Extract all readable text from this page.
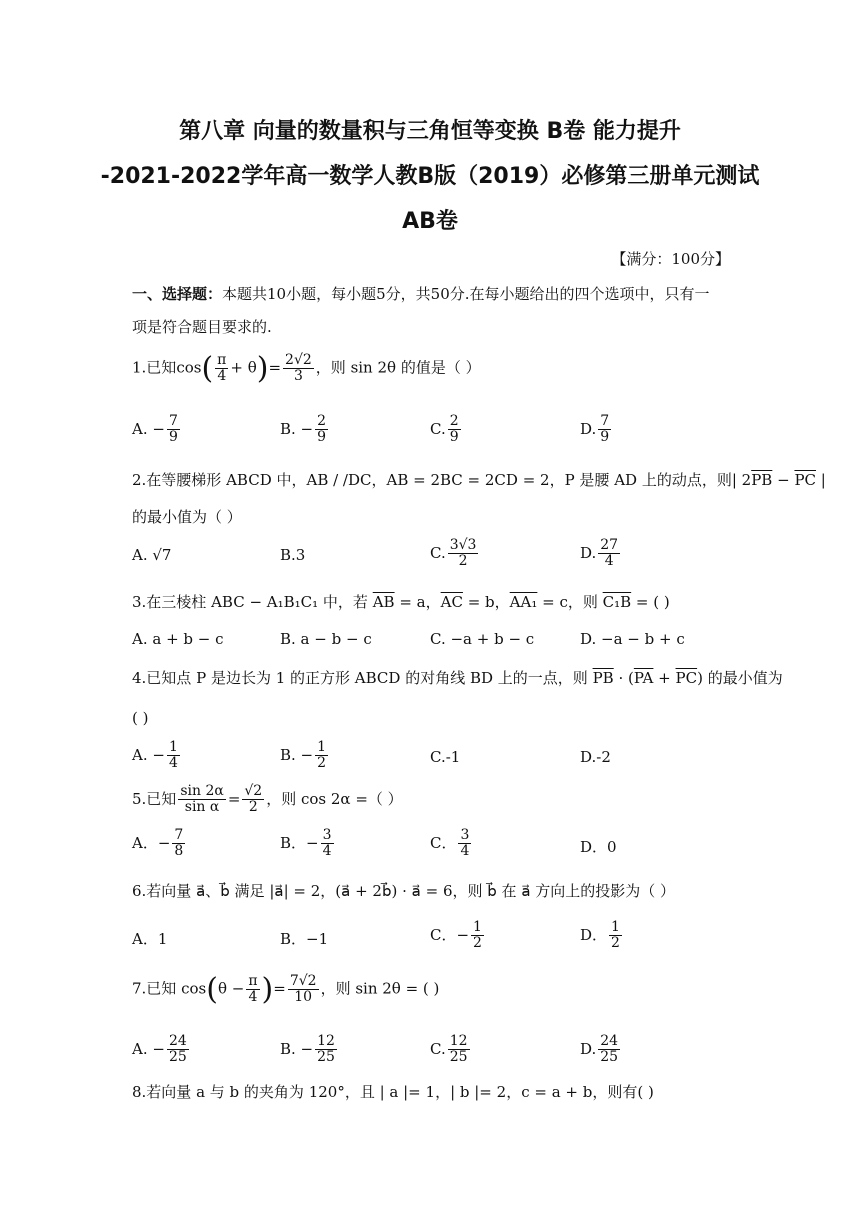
第八章 向量的数量积与三角恒等变换 B卷 能力提升
-2021-2022学年高一数学人教B版（2019）必修第三册单元测试
AB卷
【满分：100分】
一、选择题：本题共10小题，每小题5分，共50分.在每小题给出的四个选项中，只有一
项是符合题目要求的.
1.已知$\cos( \frac{\pi}{4} + \theta)= \frac{2√2}{3}$ ，则 sin 2θ 的值是（ ）
A. − $\frac{7}{9}$	B. − $\frac{2}{9}$	C. $\frac{2}{9}$	D. $\frac{7}{9}$
2.在等腰梯形 ABCD 中，AB / /DC，AB = 2BC = 2CD = 2，P 是腰 AD 上的动点，则| $2\overline{PB} - \overline{PC}$ |
的最小值为（ ）
A. √7	B.3	C. $\frac{3√3}{2}$	D. $\frac{27}{4}$
3.在三棱柱 ABC − A₁B₁C₁ 中，若 $\overline{AB} = a$，$\overline{AC} = b$，AA₁ = c，则 C₁B = ( )
A. a + b − c	B. a − b − c	C. −a + b − c	D. −a − b + c
4.已知点 P 是边长为 1 的正方形 ABCD 的对角线 BD 上的一点，则 $\overline{PB} \cdot (\overline{PA} + \overline{PC})$ 的最小值为
( )
A. − $\frac{1}{4}$	B. − $\frac{1}{2}$	C.-1	D.-2
5.已知 $\frac{\sin 2\alpha}{\text{sin α}} = \frac{√2}{2}$ ，则 cos 2α =（ ）
A．− $\frac{7}{8}$	B．− $\frac{3}{4}$	C． $\frac{3}{4}$	D．0
6.若向量 a⃗、b⃗ 满足 |a⃗| = 2，(a⃗ + 2b⃗) · a⃗ = 6，则 b⃗ 在 a⃗ 方向上的投影为（ ）
A．1	B．−1	C．− $\frac{1}{2}$	D． $\frac{1}{2}$
7.已知 $\cos(\theta - \frac{\pi}{4}$ )= $\frac{7√2}{10}$ ，则 sin 2θ = ( )
A. − $\frac{24}{25}$	B. − $\frac{12}{25}$	C. $\frac{12}{25}$	D. $\frac{24}{25}$
8.若向量 a 与 b 的夹角为 120°，且 | a |= 1，| b |= 2，c = a + b，则有( )
